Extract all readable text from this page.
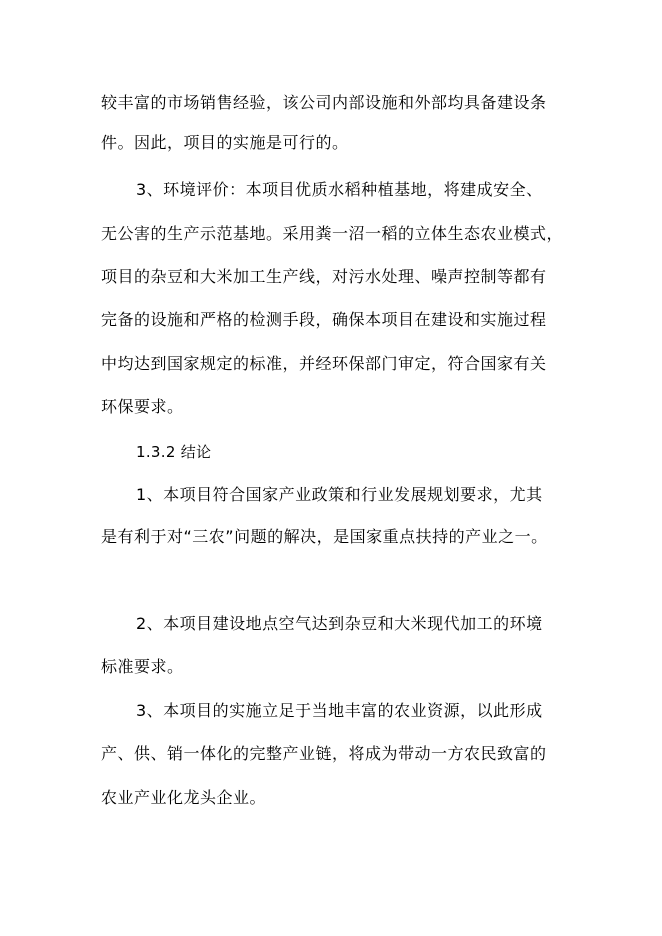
较丰富的市场销售经验，该公司内部设施和外部均具备建设条
件。因此，项目的实施是可行的。
3、环境评价：本项目优质水稻种植基地，将建成安全、
无公害的生产示范基地。采用粪一沼一稻的立体生态农业模式，
项目的杂豆和大米加工生产线，对污水处理、噪声控制等都有
完备的设施和严格的检测手段，确保本项目在建设和实施过程
中均达到国家规定的标准，并经环保部门审定，符合国家有关
环保要求。
1.3.2 结论
1、本项目符合国家产业政策和行业发展规划要求，尤其
是有利于对“三农”问题的解决，是国家重点扶持的产业之一。
2、本项目建设地点空气达到杂豆和大米现代加工的环境
标准要求。
3、本项目的实施立足于当地丰富的农业资源，以此形成
产、供、销一体化的完整产业链，将成为带动一方农民致富的
农业产业化龙头企业。
